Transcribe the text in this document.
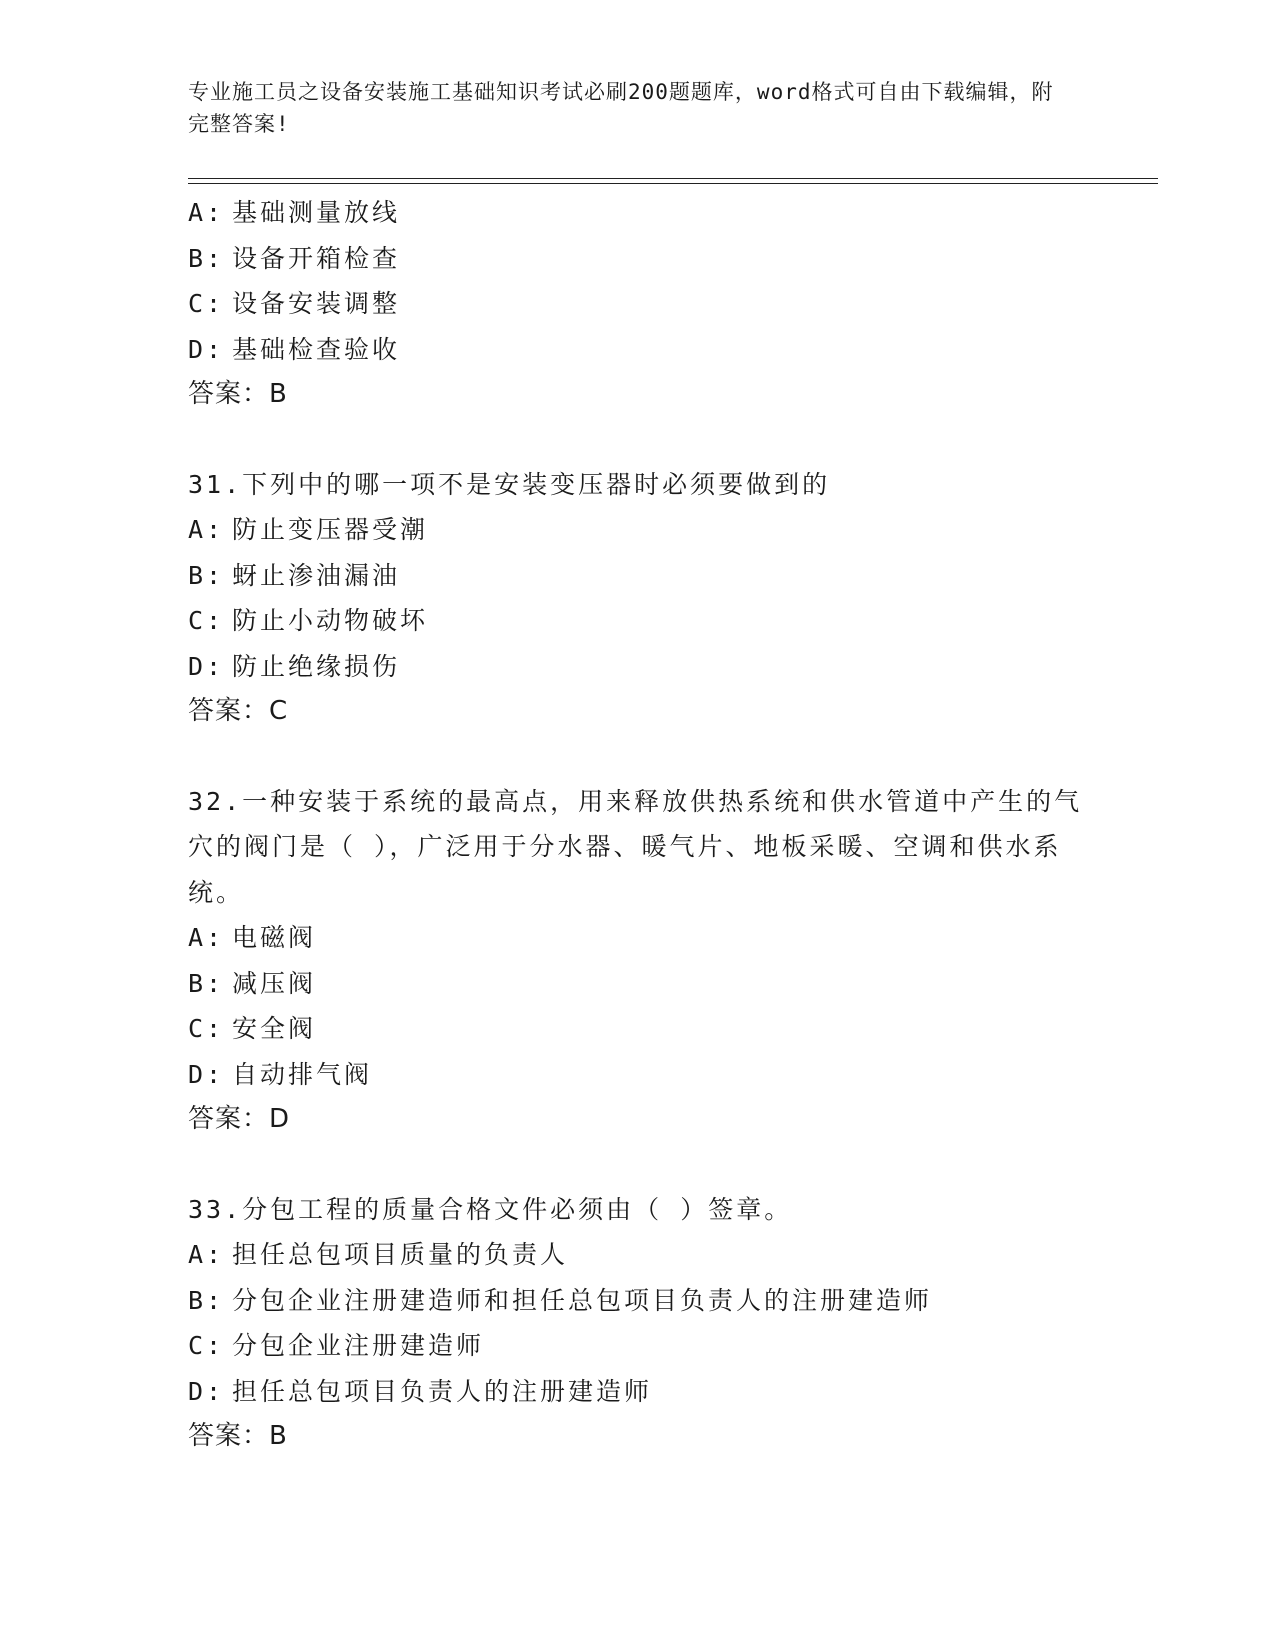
专业施工员之设备安装施工基础知识考试必刷200题题库，word格式可自由下载编辑，附完整答案!
A: 基础测量放线
B: 设备开箱检查
C: 设备安装调整
D: 基础检查验收
答案：B
31.下列中的哪一项不是安装变压器时必须要做到的
A: 防止变压器受潮
B: 蚜止渗油漏油
C: 防止小动物破坏
D: 防止绝缘损伤
答案：C
32.一种安装于系统的最高点，用来释放供热系统和供水管道中产生的气穴的阀门是（ ），广泛用于分水器、暖气片、地板采暖、空调和供水系统。
A: 电磁阀
B: 减压阀
C: 安全阀
D: 自动排气阀
答案：D
33.分包工程的质量合格文件必须由（ ）签章。
A: 担任总包项目质量的负责人
B: 分包企业注册建造师和担任总包项目负责人的注册建造师
C: 分包企业注册建造师
D: 担任总包项目负责人的注册建造师
答案：B
